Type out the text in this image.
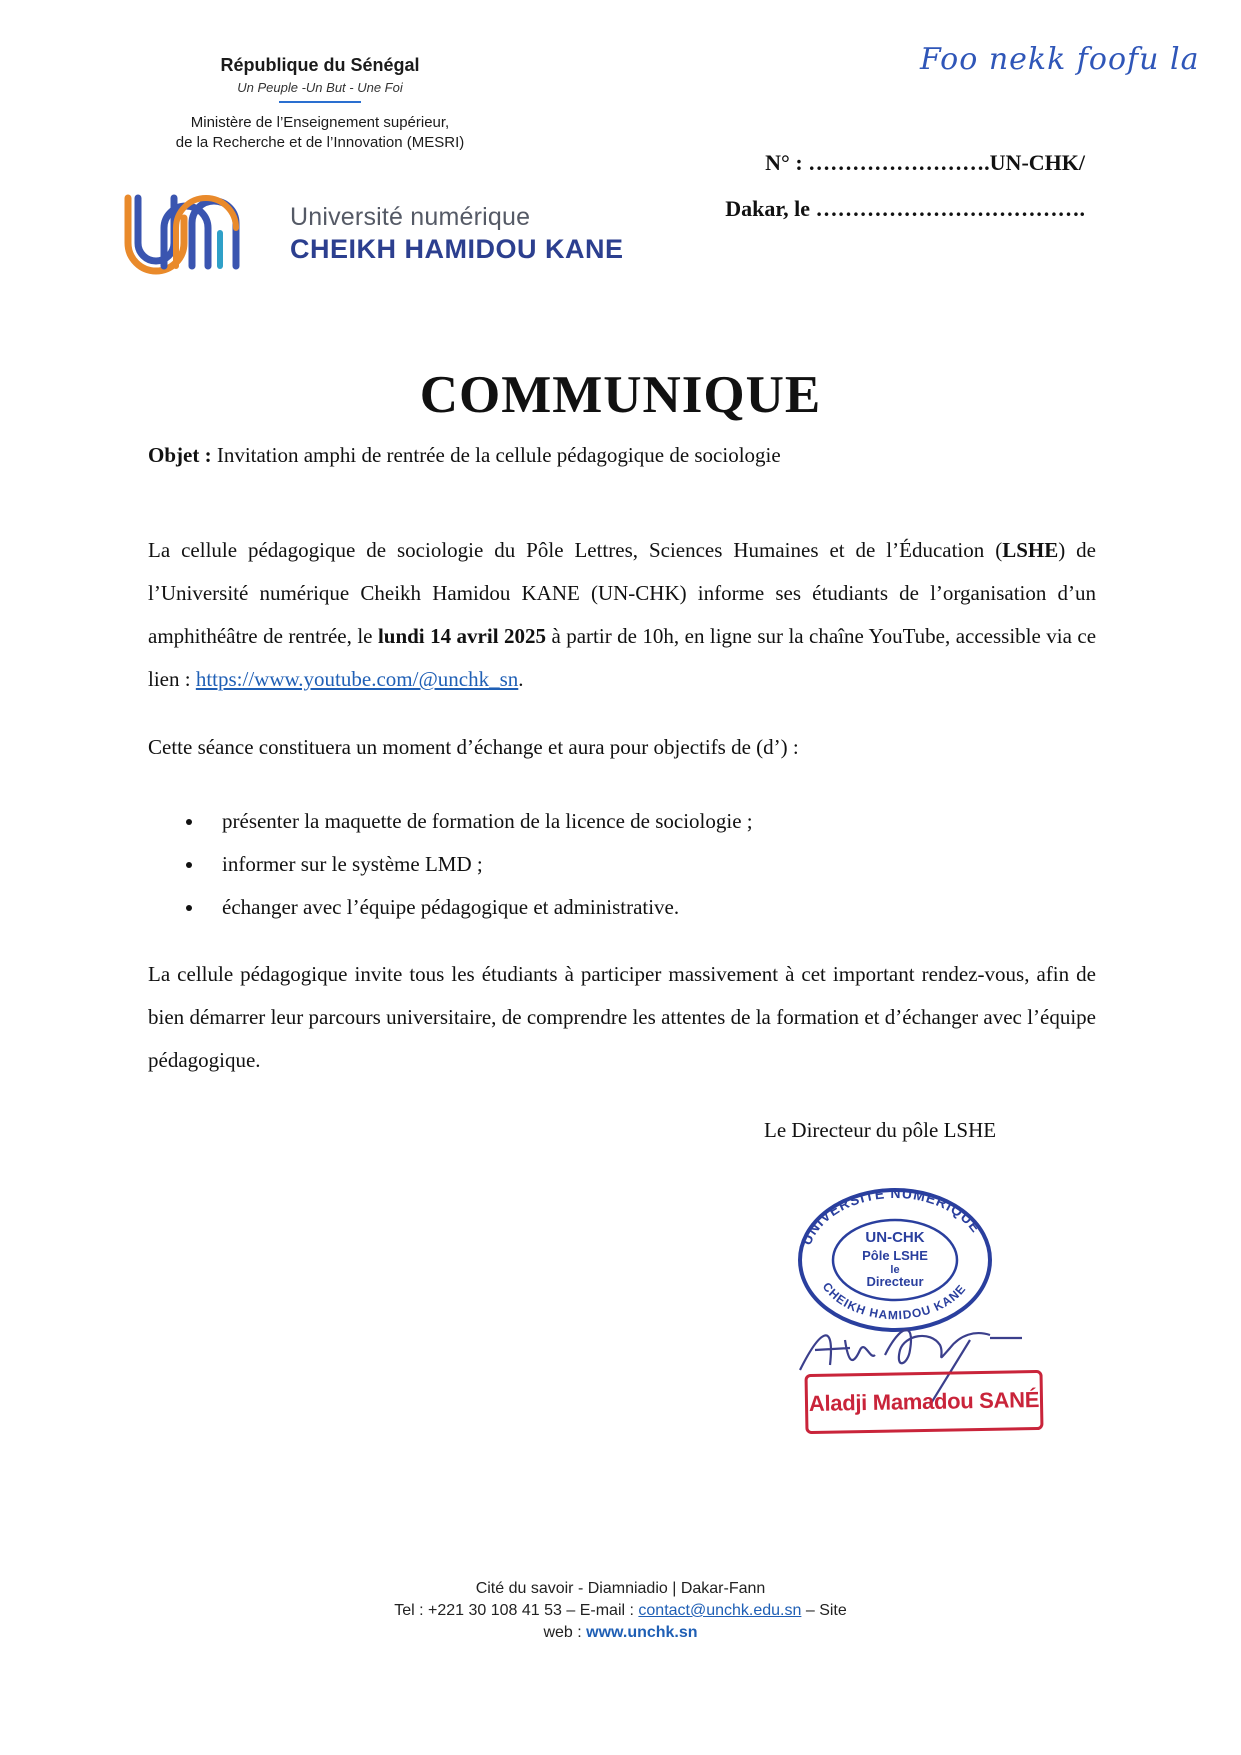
République du Sénégal
Un Peuple -Un But - Une Foi
Ministère de l’Enseignement supérieur,
de la Recherche et de l’Innovation (MESRI)
Université numérique
CHEIKH HAMIDOU KANE
Foo nekk foofu la
N° : …………………….UN-CHK/
Dakar, le ……………………………….
COMMUNIQUE
Objet : Invitation amphi de rentrée de la cellule pédagogique de sociologie
La cellule pédagogique de sociologie du Pôle Lettres, Sciences Humaines et de l’Éducation (LSHE) de l’Université numérique Cheikh Hamidou KANE (UN-CHK) informe ses étudiants de l’organisation d’un amphithéâtre de rentrée, le lundi 14 avril 2025 à partir de 10h, en ligne sur la chaîne YouTube, accessible via ce lien : https://www.youtube.com/@unchk_sn.
Cette séance constituera un moment d’échange et aura pour objectifs de (d’) :
présenter la maquette de formation de la licence de sociologie ;
informer sur le système LMD ;
échanger avec l’équipe pédagogique et administrative.
La cellule pédagogique invite tous les étudiants à participer massivement à cet important rendez-vous, afin de bien démarrer leur parcours universitaire, de comprendre les attentes de la formation et d’échanger avec l’équipe pédagogique.
Le Directeur du pôle LSHE
UNIVERSITE NUMERIQUE
CHEIKH HAMIDOU KANE
UN-CHK
Pôle LSHE
le
Directeur
Aladji Mamadou SANÉ
Cité du savoir - Diamniadio | Dakar-Fann
Tel : +221 30 108 41 53 – E-mail : contact@unchk.edu.sn – Site
web : www.unchk.sn
